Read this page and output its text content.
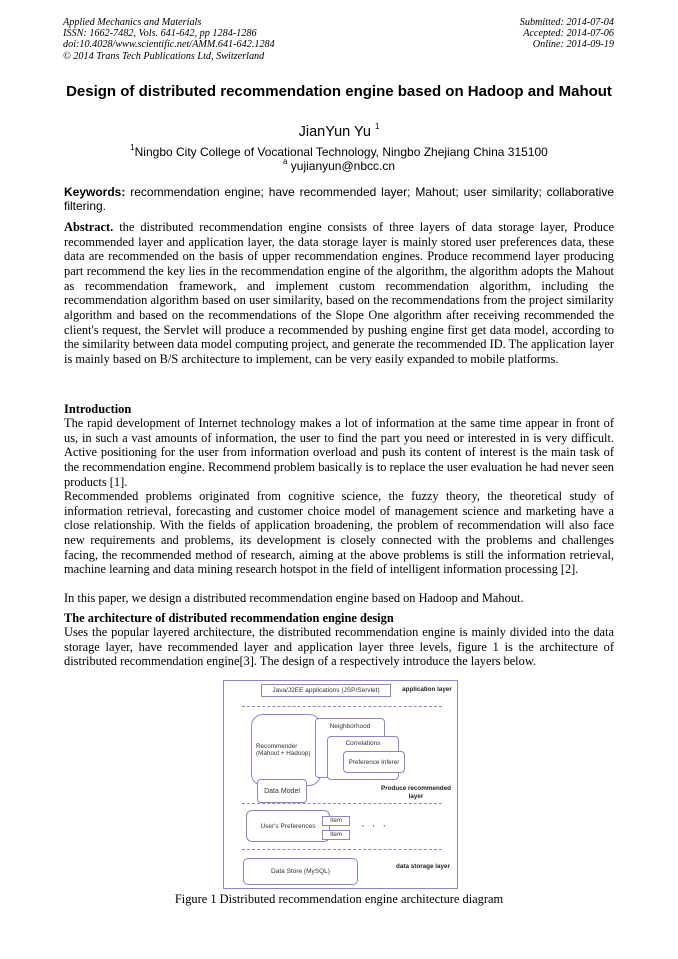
Applied Mechanics and Materials
ISSN: 1662-7482, Vols. 641-642, pp 1284-1286
doi:10.4028/www.scientific.net/AMM.641-642.1284
© 2014 Trans Tech Publications Ltd, Switzerland
Submitted: 2014-07-04
Accepted: 2014-07-06
Online: 2014-09-19
Design of distributed recommendation engine based on Hadoop and Mahout
JianYun Yu $^1$
$^1$Ningbo City College of Vocational Technology, Ningbo Zhejiang China 315100
$^a$ yujianyun@nbcc.cn
Keywords: recommendation engine; have recommended layer; Mahout; user similarity; collaborative filtering.
Abstract. the distributed recommendation engine consists of three layers of data storage layer, Produce recommended layer and application layer, the data storage layer is mainly stored user preferences data, these data are recommended on the basis of upper recommendation engines. Produce recommend layer producing part recommend the key lies in the recommendation engine of the algorithm, the algorithm adopts the Mahout as recommendation framework, and implement custom recommendation algorithm, including the recommendation algorithm based on user similarity, based on the recommendations from the project similarity algorithm and based on the recommendations of the Slope One algorithm after receiving recommended the client's request, the Servlet will produce a recommended by pushing engine first get data model, according to the similarity between data model computing project, and generate the recommended ID. The application layer is mainly based on B/S architecture to implement, can be very easily expanded to mobile platforms.
Introduction
The rapid development of Internet technology makes a lot of information at the same time appear in front of us, in such a vast amounts of information, the user to find the part you need or interested in is very difficult. Active positioning for the user from information overload and push its content of interest is the main task of the recommendation engine. Recommend problem basically is to replace the user evaluation he had never seen products [1].
Recommended problems originated from cognitive science, the fuzzy theory, the theoretical study of information retrieval, forecasting and customer choice model of management science and marketing have a close relationship. With the fields of application broadening, the problem of recommendation will also face new requirements and problems, its development is closely connected with the problems and challenges facing, the recommended method of research, aiming at the above problems is still the information retrieval, machine learning and data mining research hotspot in the field of intelligent information processing [2].
In this paper, we design a distributed recommendation engine based on Hadoop and Mahout.
The architecture of distributed recommendation engine design
Uses the popular layered architecture, the distributed recommendation engine is mainly divided into the data storage layer, have recommended layer and application layer three levels, figure 1 is the architecture of distributed recommendation engine[3]. The design of a respectively introduce the layers below.
Java/J2EE applications (JSP/Servlet)	application layer
Recommender (Mahout + Hadoop)
Neighborhood
Correlations
Preference Inferer
Data Model	Produce recommended layer
User's Preferences
Item
Item
· · ·
Data Store (MySQL)
data storage layer
Figure 1 Distributed recommendation engine architecture diagram
